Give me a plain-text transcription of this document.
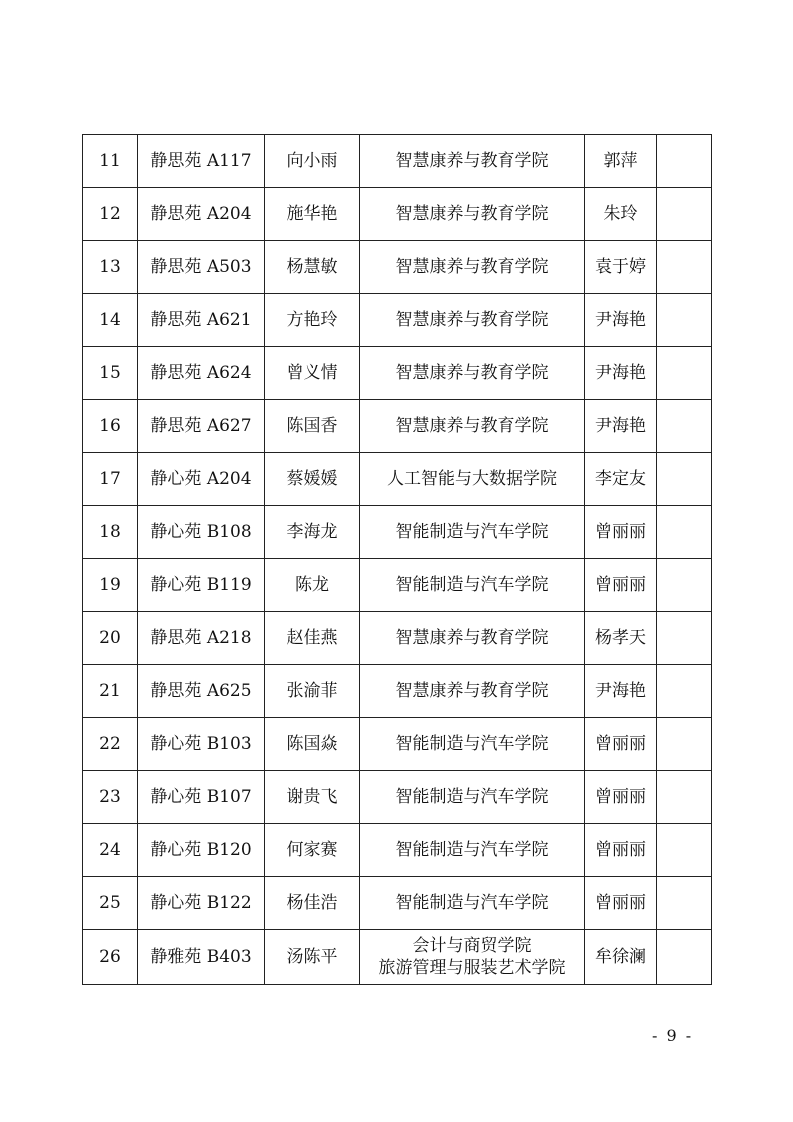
11	静思苑 A117	向小雨	智慧康养与教育学院	郭萍	
12	静思苑 A204	施华艳	智慧康养与教育学院	朱玲	
13	静思苑 A503	杨慧敏	智慧康养与教育学院	袁于婷	
14	静思苑 A621	方艳玲	智慧康养与教育学院	尹海艳	
15	静思苑 A624	曾义情	智慧康养与教育学院	尹海艳	
16	静思苑 A627	陈国香	智慧康养与教育学院	尹海艳	
17	静心苑 A204	蔡媛媛	人工智能与大数据学院	李定友	
18	静心苑 B108	李海龙	智能制造与汽车学院	曾丽丽	
19	静心苑 B119	陈龙	智能制造与汽车学院	曾丽丽	
20	静思苑 A218	赵佳燕	智慧康养与教育学院	杨孝天	
21	静思苑 A625	张渝菲	智慧康养与教育学院	尹海艳	
22	静心苑 B103	陈国焱	智能制造与汽车学院	曾丽丽	
23	静心苑 B107	谢贵飞	智能制造与汽车学院	曾丽丽	
24	静心苑 B120	何家赛	智能制造与汽车学院	曾丽丽	
25	静心苑 B122	杨佳浩	智能制造与汽车学院	曾丽丽	
26	静雅苑 B403	汤陈平	会计与商贸学院
旅游管理与服装艺术学院	牟徐澜	
- 9 -
